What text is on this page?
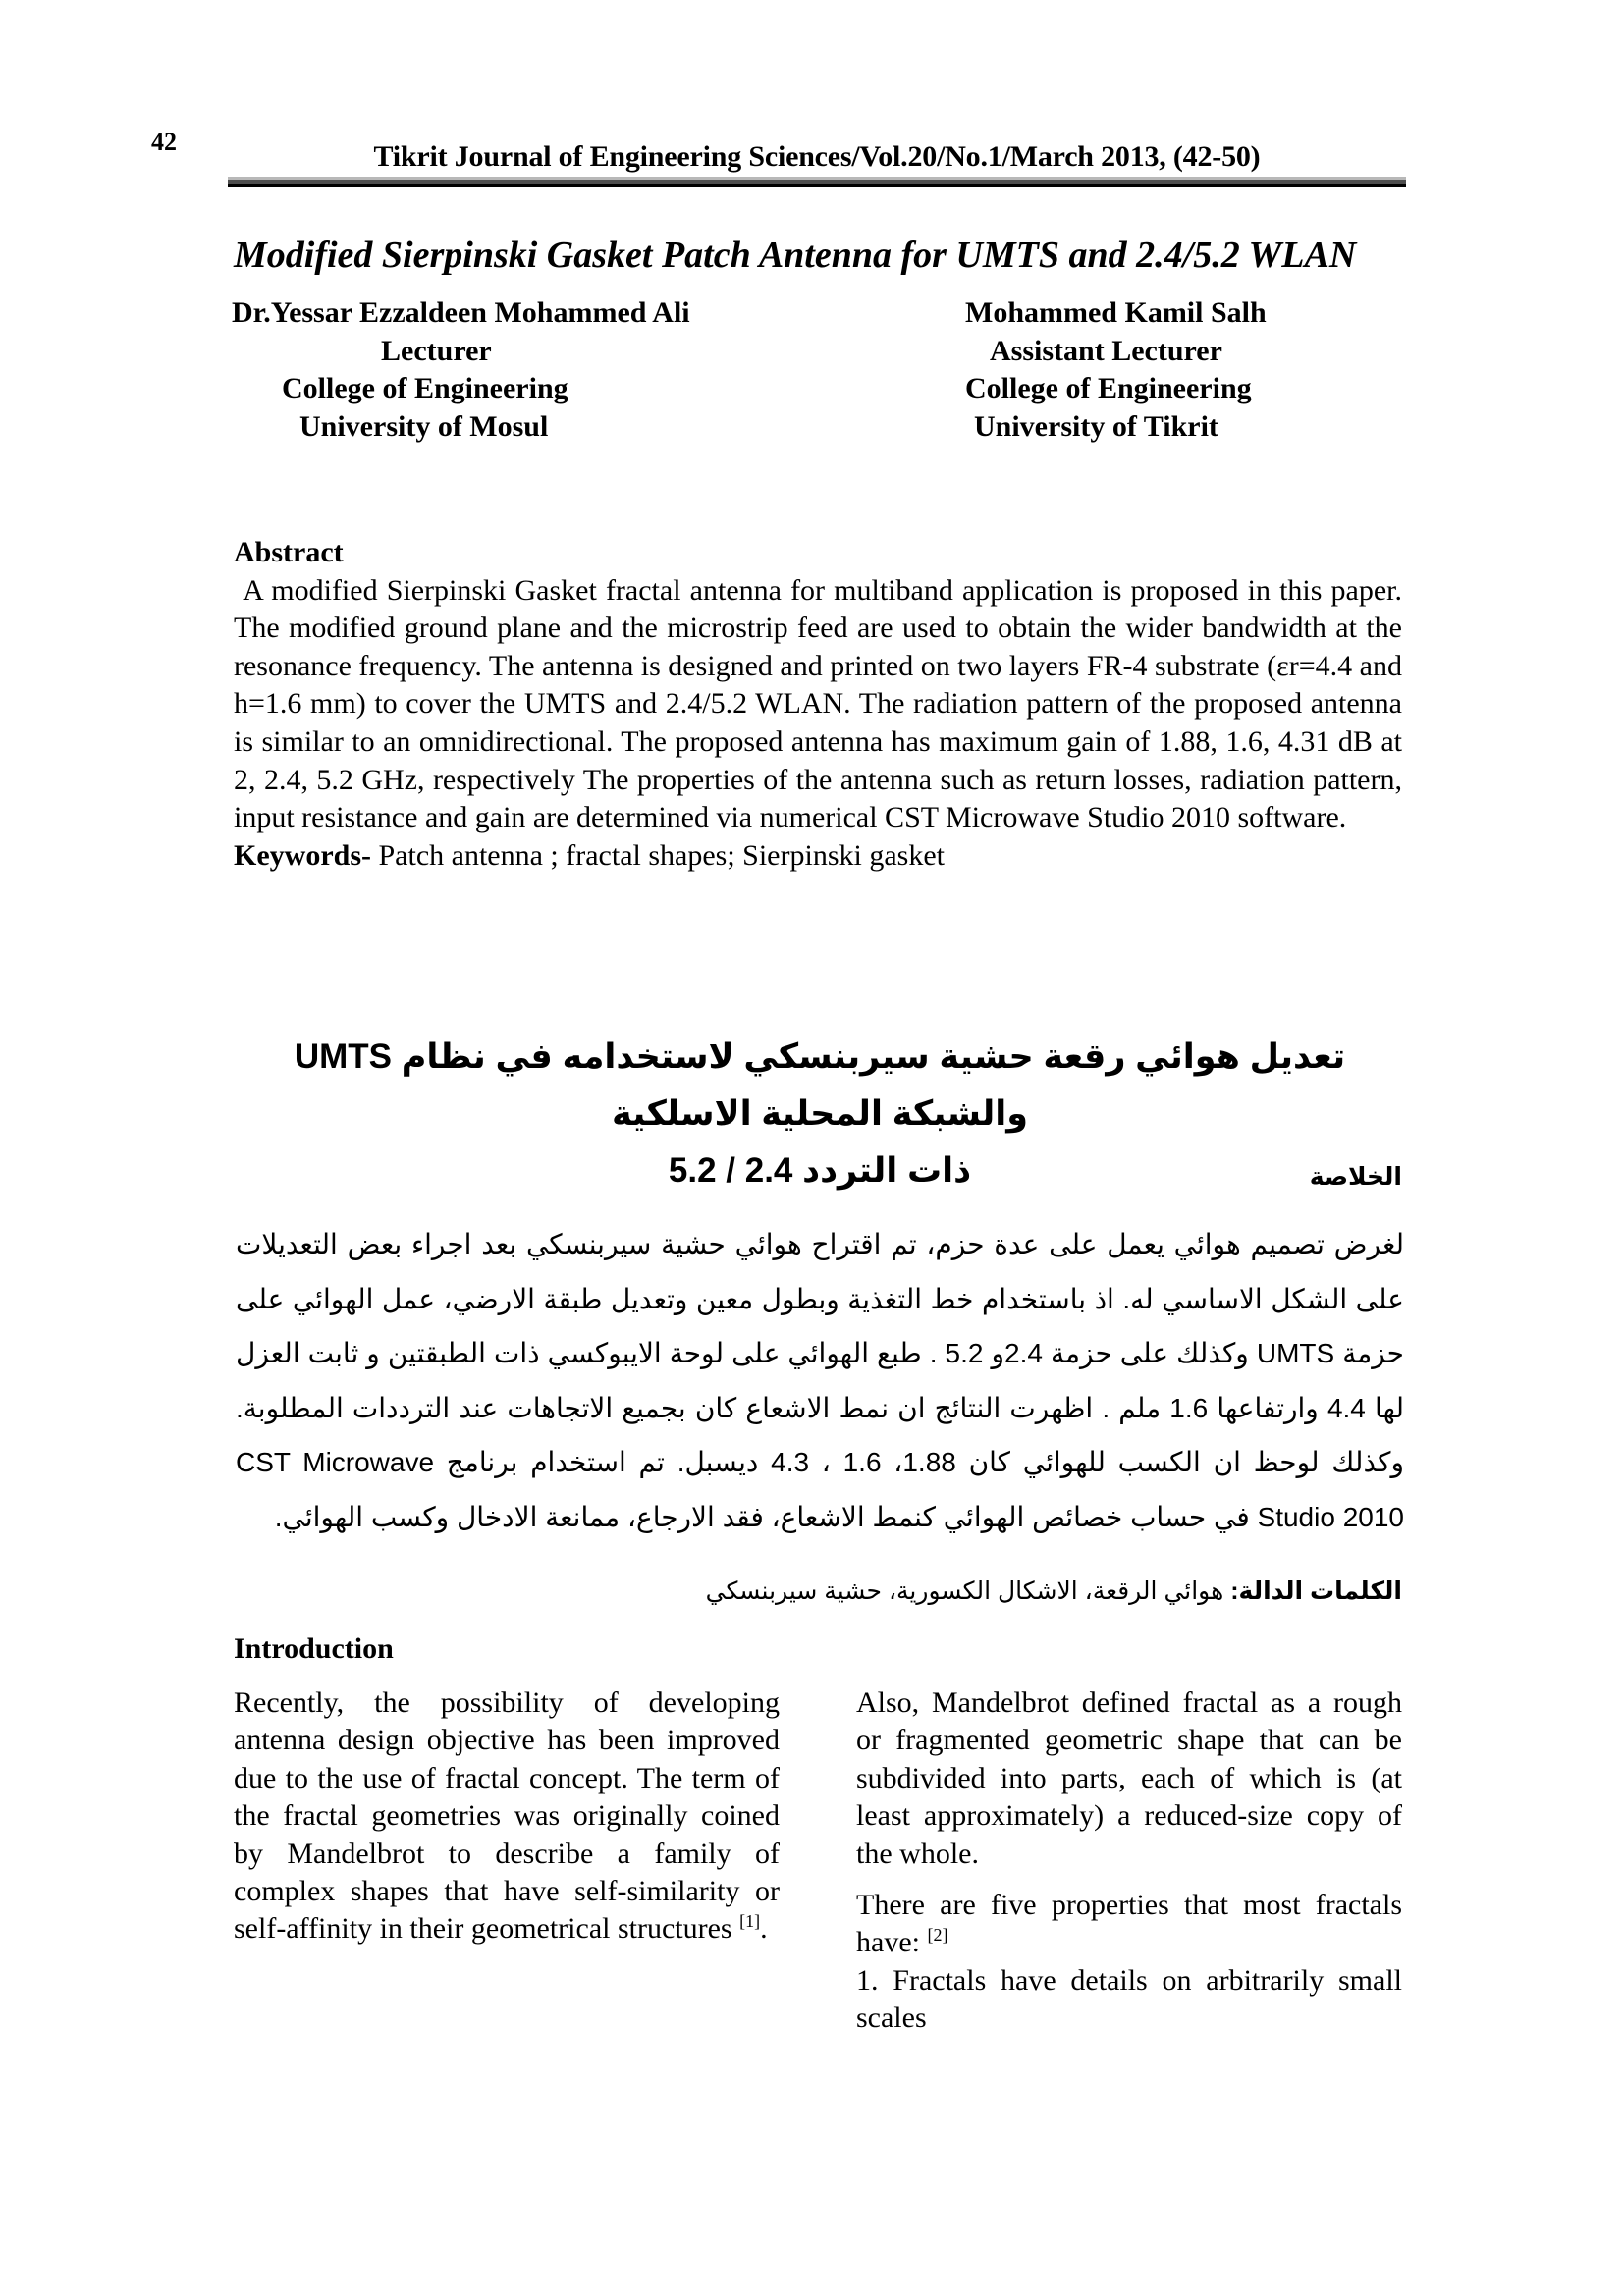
42	Tikrit Journal of Engineering Sciences/Vol.20/No.1/March 2013, (42-50)
Modified Sierpinski Gasket Patch Antenna for UMTS and 2.4/5.2 WLAN
Dr.Yessar Ezzaldeen Mohammed Ali
Lecturer
College of Engineering
University of Mosul
Mohammed Kamil Salh
Assistant Lecturer
College of Engineering
University of Tikrit
Abstract
A modified Sierpinski Gasket fractal antenna for multiband application is proposed in this paper. The modified ground plane and the microstrip feed are used to obtain the wider bandwidth at the resonance frequency. The antenna is designed and printed on two layers FR-4 substrate (εr=4.4 and h=1.6 mm) to cover the UMTS and 2.4/5.2 WLAN. The radiation pattern of the proposed antenna is similar to an omnidirectional. The proposed antenna has maximum gain of 1.88, 1.6, 4.31 dB at 2, 2.4, 5.2 GHz, respectively The properties of the antenna such as return losses, radiation pattern, input resistance and gain are determined via numerical CST Microwave Studio 2010 software.
Keywords- Patch antenna ; fractal shapes; Sierpinski gasket
تعديل هوائي رقعة حشية سيربنسكي لاستخدامه في نظام UMTS والشبكة المحلية الاسلكية
ذات التردد 2.4 / 5.2	الخلاصة
لغرض تصميم هوائي يعمل على عدة حزم، تم اقتراح هوائي حشية سيربنسكي بعد اجراء بعض التعديلات على الشكل الاساسي له. اذ باستخدام خط التغذية وبطول معين وتعديل طبقة الارضي، عمل الهوائي على حزمة UMTS وكذلك على حزمة 2.4و 5.2 . طبع الهوائي على لوحة الايبوكسي ذات الطبقتين و ثابت العزل لها 4.4 وارتفاعها 1.6 ملم . اظهرت النتائج ان نمط الاشعاع كان بجميع الاتجاهات عند الترددات المطلوبة. وكذلك لوحظ ان الكسب للهوائي كان 1.88، 1.6 ، 4.3 ديسبل. تم استخدام برنامج CST Microwave Studio 2010 في حساب خصائص الهوائي كنمط الاشعاع، فقد الارجاع، ممانعة الادخال وكسب الهوائي.
الكلمات الدالة: هوائي الرقعة، الاشكال الكسورية، حشية سيربنسكي
Introduction

Recently, the possibility of developing antenna design objective has been improved due to the use of fractal concept. The term of the fractal geometries was originally coined by Mandelbrot to describe a family of complex shapes that have self-similarity or self-affinity in their geometrical structures [1].

Also, Mandelbrot defined fractal as a rough or fragmented geometric shape that can be subdivided into parts, each of which is (at least approximately) a reduced-size copy of the whole.

There are five properties that most fractals have: [2]

1. Fractals have details on arbitrarily small scales
